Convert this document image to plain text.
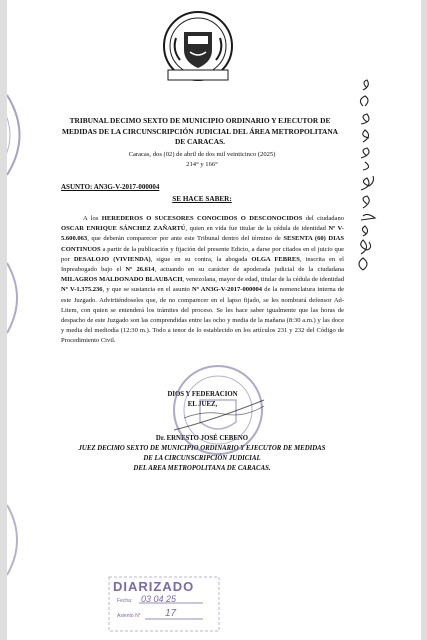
TRIBUNAL DECIMO SEXTO DE MUNICIPIO ORDINARIO Y EJECUTOR DE MEDIDAS DE LA CIRCUNSCRIPCIÓN JUDICIAL DEL ÁREA METROPOLITANA DE CARACAS.
Caracas, dos (02) de abril de dos mil veinticinco (2025)
214° y 166°
ASUNTO: AN3G-V-2017-000004
SE HACE SABER:

A los HEREDEROS O SUCESORES CONOCIDOS O DESCONOCIDOS del ciudadano OSCAR ENRIQUE SÁNCHEZ ZAÑARTÚ, quien en vida fue titular de la cédula de identidad Nº V-5.600.063, que deberán comparecer por ante este Tribunal dentro del término de SESENTA (60) DIAS CONTINUOS a partir de la publicación y fijación del presente Edicto, a darse por citados en el juicio que por DESALOJO (VIVIENDA), sigue en su contra, la abogada OLGA FEBRES, inscrita en el Inpreabogado bajo el Nº 26.614, actuando en su carácter de apoderada judicial de la ciudadana MILAGROS MALDONADO BLAUBACH, venezolana, mayor de edad, titular de la cédula de identidad Nº V-1.375.236, y que se sustancia en el asunto Nº AN3G-V-2017-000004 de la nomenclatura interna de este Juzgado. Advirtiéndoseles que, de no comparecer en el lapso fijado, se les nombrará defensor Ad-Litem, con quien se entenderá los trámites del proceso. Se les hace saber igualmente que las horas de despacho de este Juzgado son las comprendidas entre las ocho y media de la mañana (8:30 a.m.) y las doce y media del mediodía (12:30 m.). Todo a tenor de lo establecido en los artículos 231 y 232 del Código de Procedimiento Civil.

DIOS Y FEDERACION
EL JUEZ,
Dr. ERNESTO JOSÉ CEBENO
JUEZ DECIMO SEXTO DE MUNICIPIO ORDINARIO Y EJECUTOR DE MEDIDAS
DE LA CIRCUNSCRIPCIÓN JUDICIAL
DEL AREA METROPOLITANA DE CARACAS.
Cuarto secreto y cinco (165)
DIARIZADO
Fecha: 03 04 25
Asiento N° 17
